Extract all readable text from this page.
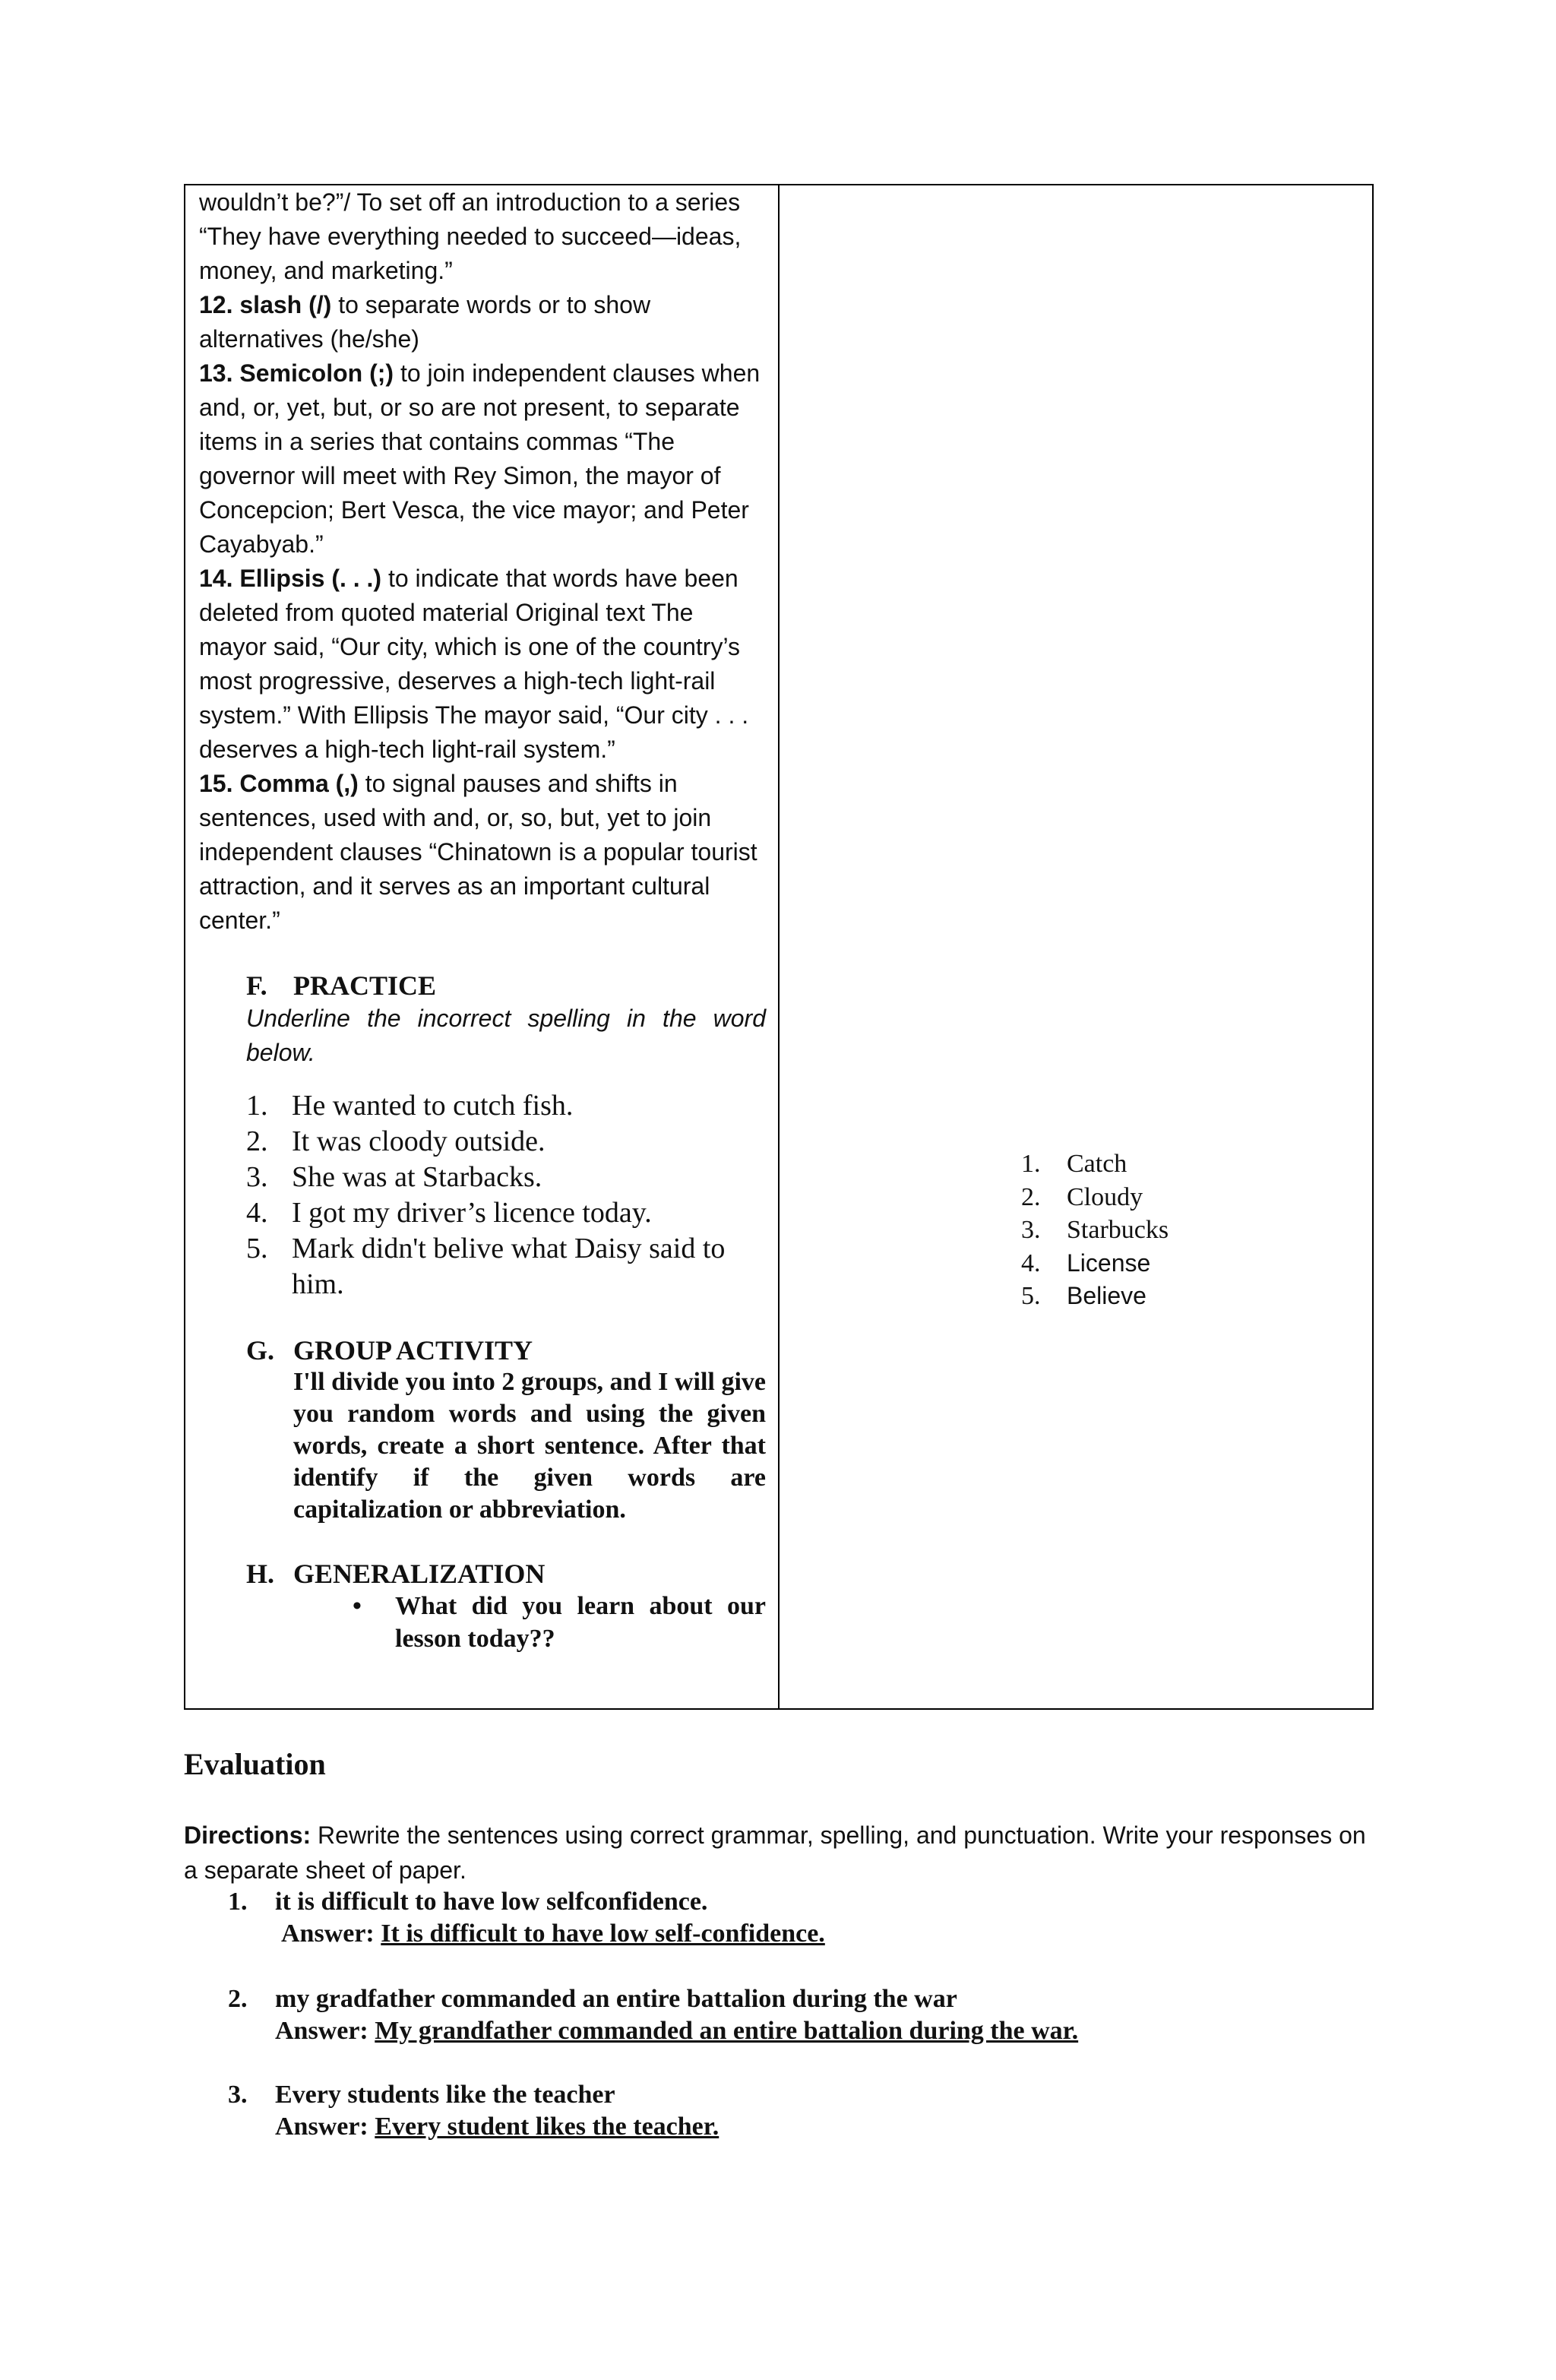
wouldn’t be?”/ To set off an introduction to a series “They have everything needed to succeed—ideas, money, and marketing.”

12. slash (/) to separate words or to show alternatives (he/she)

13. Semicolon (;) to join independent clauses when and, or, yet, but, or so are not present, to separate items in a series that contains commas “The governor will meet with Rey Simon, the mayor of Concepcion; Bert Vesca, the vice mayor; and Peter Cayabyab.”

14. Ellipsis (. . .) to indicate that words have been deleted from quoted material Original text The mayor said, “Our city, which is one of the country’s most progressive, deserves a high-tech light-rail system.” With Ellipsis The mayor said, “Our city . . . deserves a high-tech light-rail system.”

15. Comma (,) to signal pauses and shifts in sentences, used with and, or, so, but, yet to join independent clauses “Chinatown is a popular tourist attraction, and it serves as an important cultural center.”

F. PRACTICE

Underline the incorrect spelling in the word below.

1. He wanted to cutch fish.
2. It was cloody outside.
3. She was at Starbacks.
4. I got my driver’s licence today.
5. Mark didn't belive what Daisy said to him.

G. GROUP ACTIVITY

I'll divide you into 2 groups, and I will give you random words and using the given words, create a short sentence. After that identify if the given words are capitalization or abbreviation.

H. GENERALIZATION

• What did you learn about our lesson today??

1. Catch
2. Cloudy
3. Starbucks
4. License
5. Believe
Evaluation

Directions: Rewrite the sentences using correct grammar, spelling, and punctuation. Write your responses on a separate sheet of paper.

1. it is difficult to have low selfconfidence.
Answer: It is difficult to have low self-confidence.
2. my gradfather commanded an entire battalion during the war
Answer: My grandfather commanded an entire battalion during the war.
3. Every students like the teacher
Answer: Every student likes the teacher.
